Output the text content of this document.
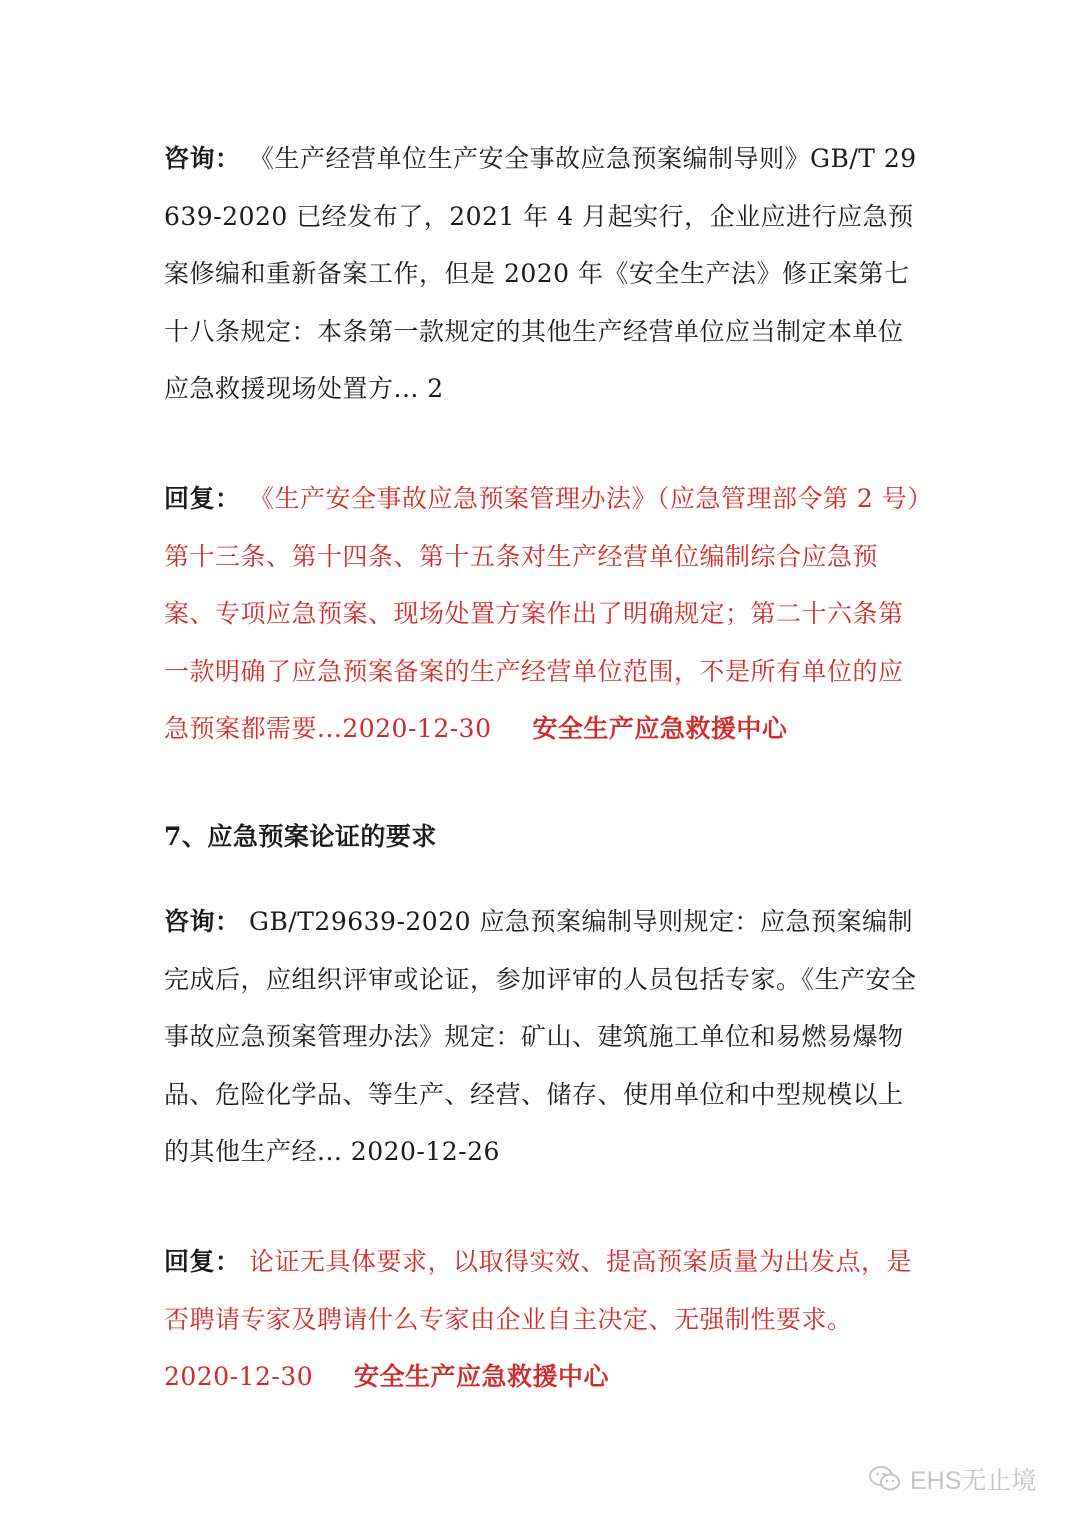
咨询： 《生产经营单位生产安全事故应急预案编制导则》GB/T 29639-2020 已经发布了，2021 年 4 月起实行，企业应进行应急预案修编和重新备案工作，但是 2020 年《安全生产法》修正案第七十八条规定：本条第一款规定的其他生产经营单位应当制定本单位应急救援现场处置方... 2

回复： 《生产安全事故应急预案管理办法》（应急管理部令第 2 号）第十三条、第十四条、第十五条对生产经营单位编制综合应急预案、专项应急预案、现场处置方案作出了明确规定；第二十六条第一款明确了应急预案备案的生产经营单位范围，不是所有单位的应急预案都需要...2020-12-30 安全生产应急救援中心

7、应急预案论证的要求

咨询： GB/T29639-2020 应急预案编制导则规定：应急预案编制完成后，应组织评审或论证，参加评审的人员包括专家。《生产安全事故应急预案管理办法》规定：矿山、建筑施工单位和易燃易爆物品、危险化学品、等生产、经营、储存、使用单位和中型规模以上的其他生产经... 2020-12-26

回复： 论证无具体要求，以取得实效、提高预案质量为出发点，是否聘请专家及聘请什么专家由企业自主决定、无强制性要求。
2020-12-30 安全生产应急救援中心

EHS无止境
